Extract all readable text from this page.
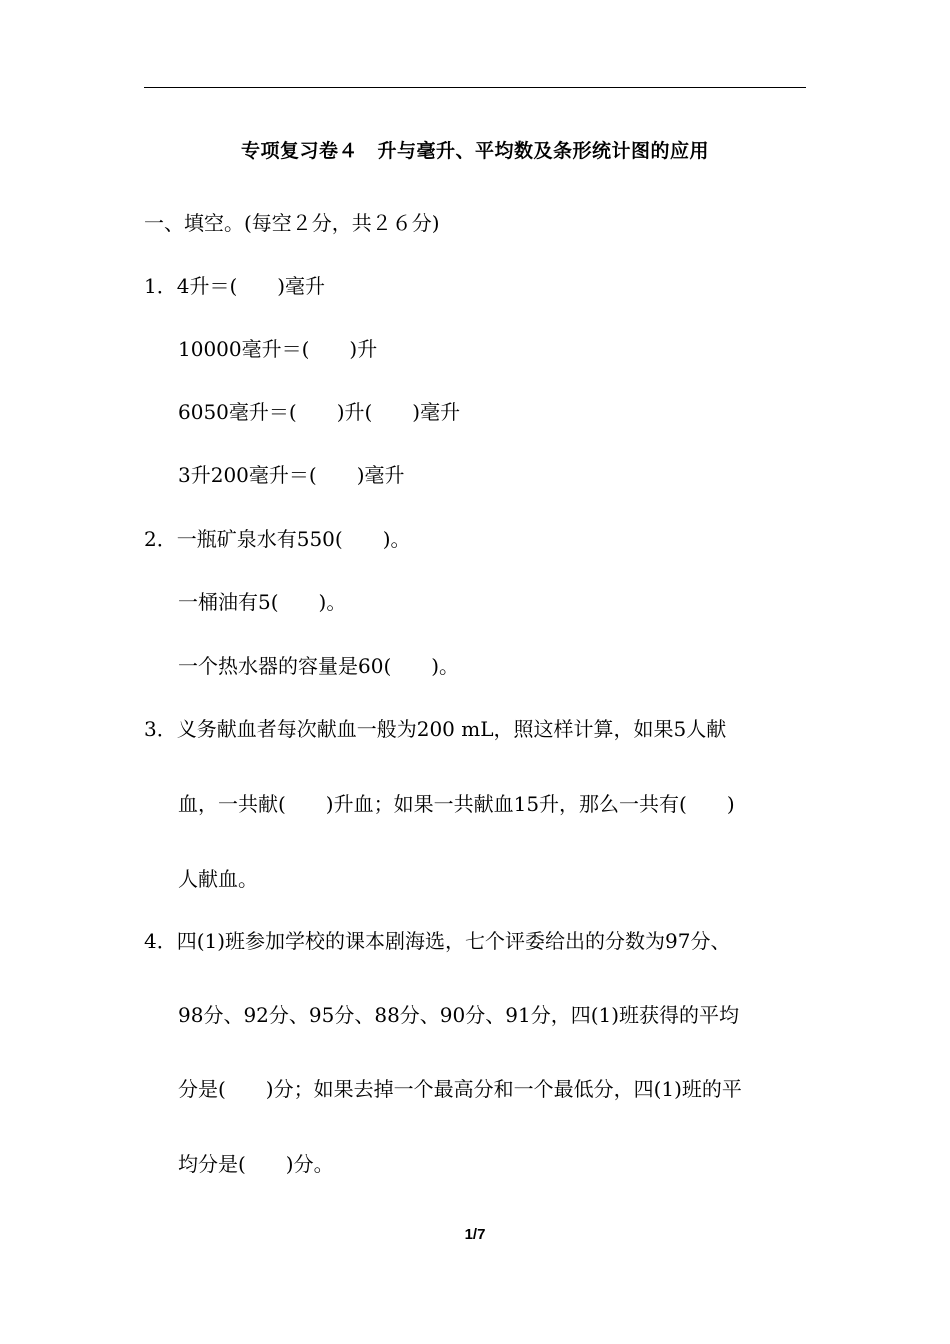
专项复习卷４　升与毫升、平均数及条形统计图的应用
一、填空。(每空２分，共２６分)
1．4升＝(　　)毫升
10000毫升＝(　　)升
6050毫升＝(　　)升(　　)毫升
3升200毫升＝(　　)毫升
2．一瓶矿泉水有550(　　)。
一桶油有5(　　)。
一个热水器的容量是60(　　)。
3．义务献血者每次献血一般为200 mL，照这样计算，如果5人献
血，一共献(　　)升血；如果一共献血15升，那么一共有(　　)
人献血。
4．四(1)班参加学校的课本剧海选，七个评委给出的分数为97分、
98分、92分、95分、88分、90分、91分，四(1)班获得的平均
分是(　　)分；如果去掉一个最高分和一个最低分，四(1)班的平
均分是(　　)分。
1/7
